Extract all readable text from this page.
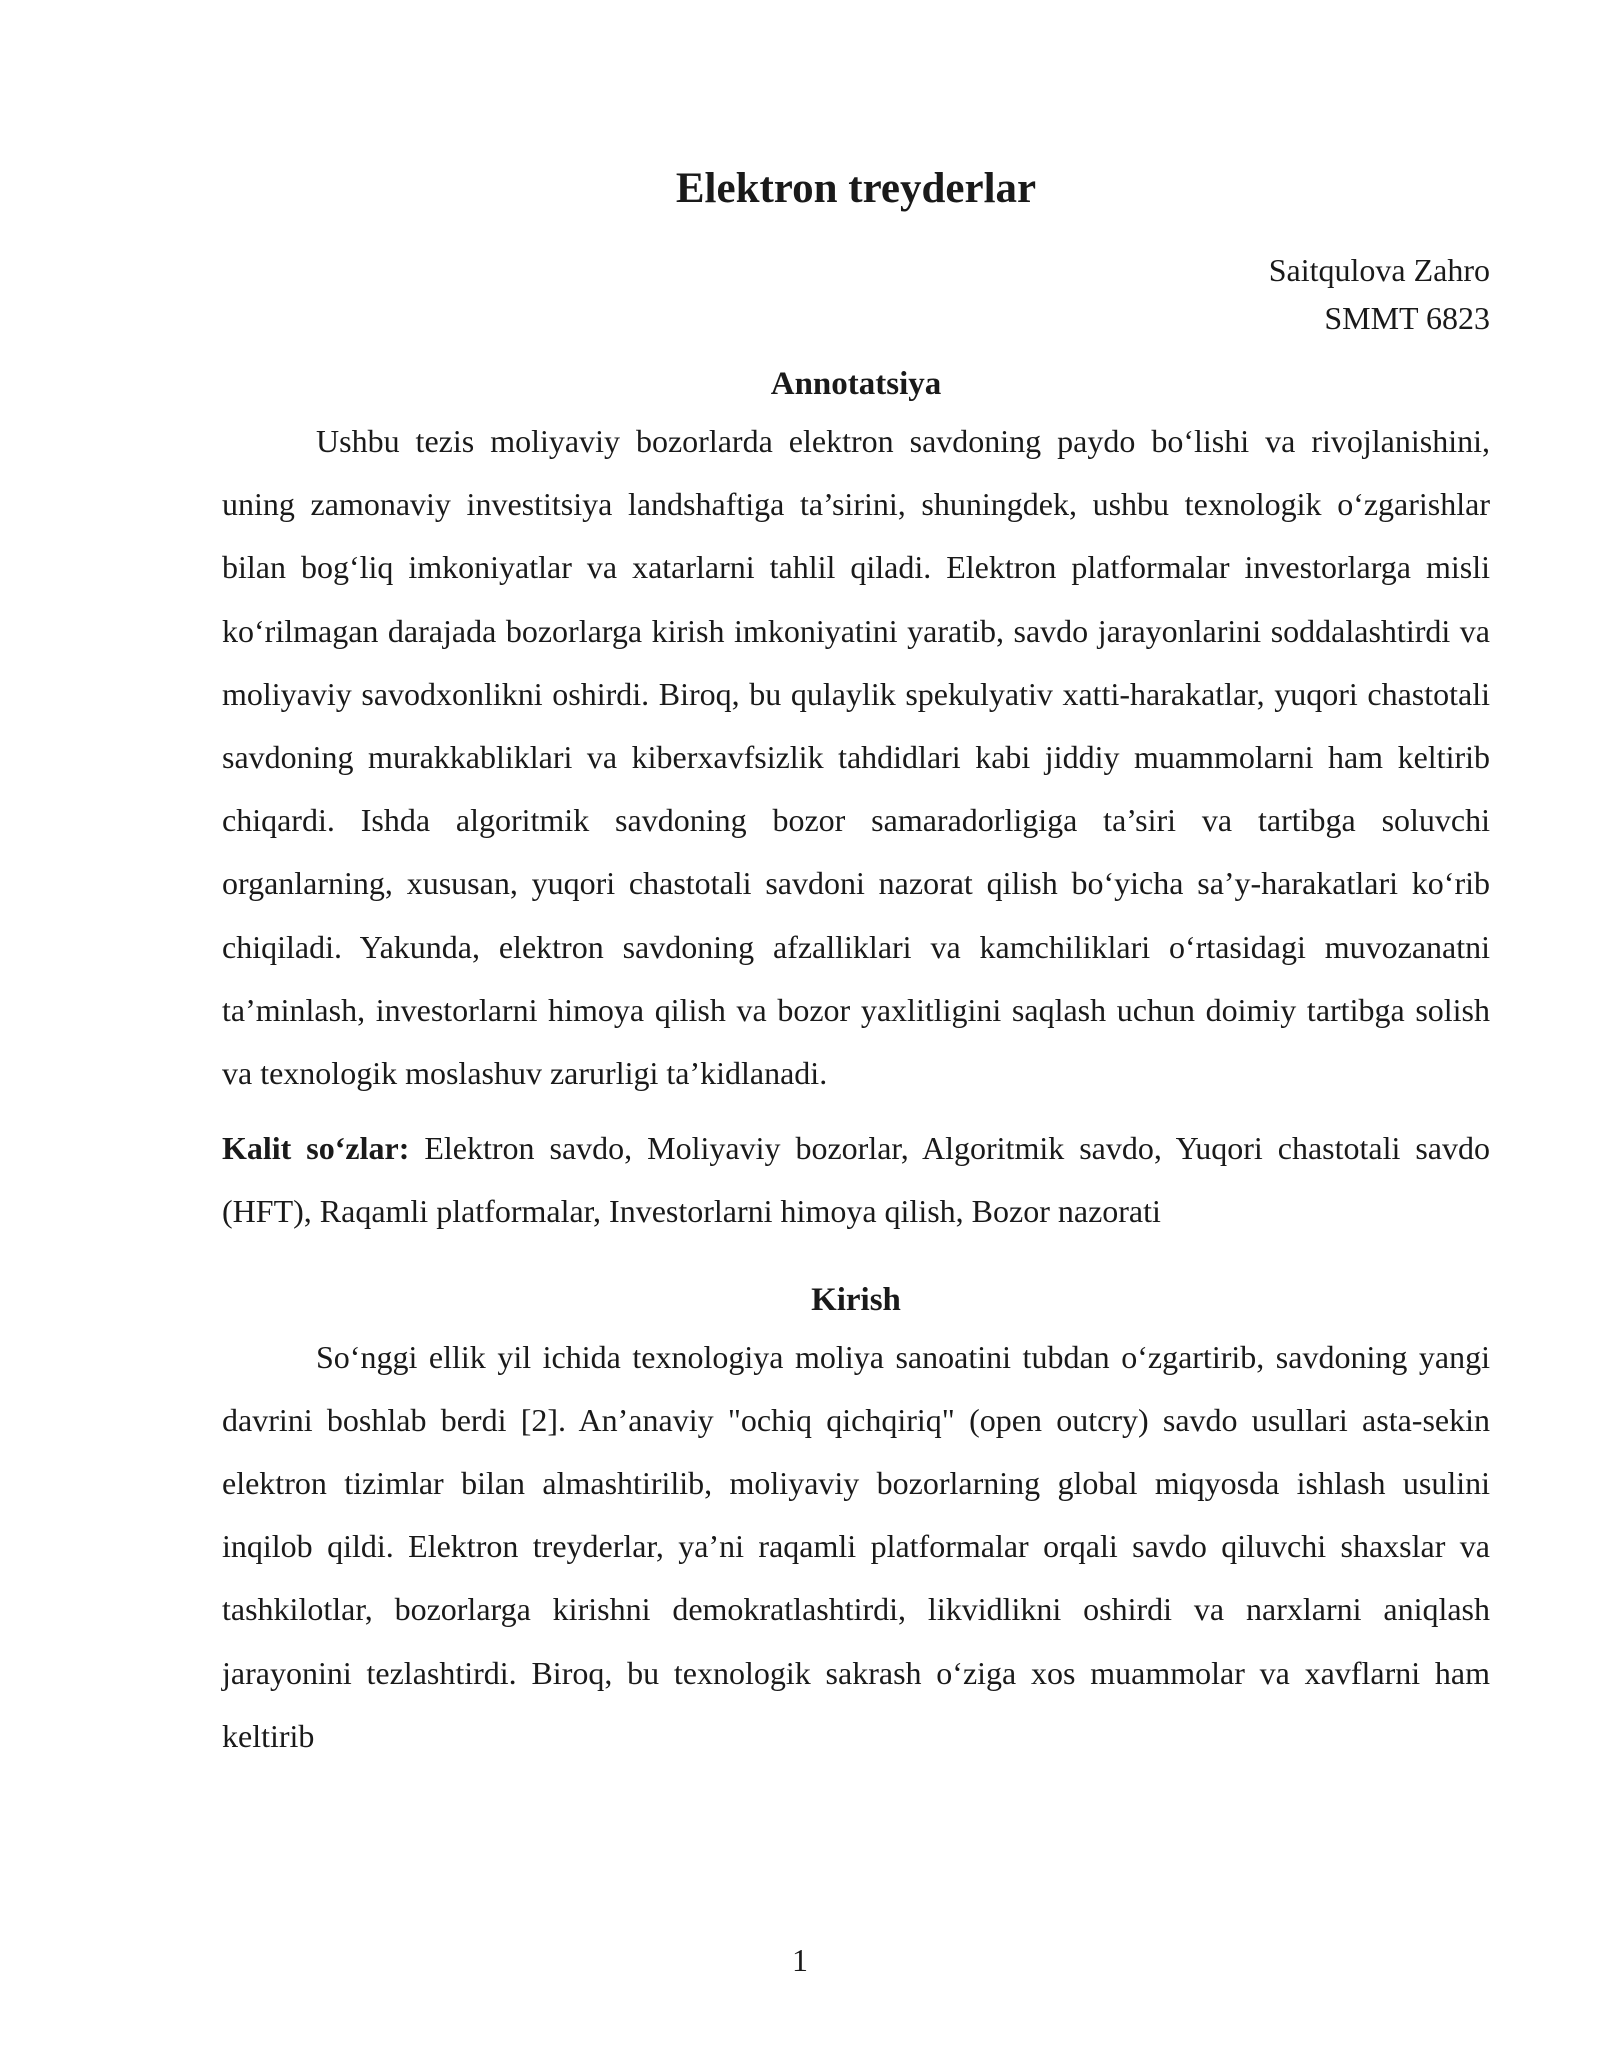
Elektron treyderlar
Saitqulova Zahro
SMMT 6823
Annotatsiya

Ushbu tezis moliyaviy bozorlarda elektron savdoning paydo bo‘lishi va rivojlanishini, uning zamonaviy investitsiya landshaftiga ta’sirini, shuningdek, ushbu texnologik o‘zgarishlar bilan bog‘liq imkoniyatlar va xatarlarni tahlil qiladi. Elektron platformalar investorlarga misli ko‘rilmagan darajada bozorlarga kirish imkoniyatini yaratib, savdo jarayonlarini soddalashtirdi va moliyaviy savodxonlikni oshirdi. Biroq, bu qulaylik spekulyativ xatti-harakatlar, yuqori chastotali savdoning murakkabliklari va kiberxavfsizlik tahdidlari kabi jiddiy muammolarni ham keltirib chiqardi. Ishda algoritmik savdoning bozor samaradorligiga ta’siri va tartibga soluvchi organlarning, xususan, yuqori chastotali savdoni nazorat qilish bo‘yicha sa’y-harakatlari ko‘rib chiqiladi. Yakunda, elektron savdoning afzalliklari va kamchiliklari o‘rtasidagi muvozanatni ta’minlash, investorlarni himoya qilish va bozor yaxlitligini saqlash uchun doimiy tartibga solish va texnologik moslashuv zarurligi ta’kidlanadi.

Kalit so‘zlar: Elektron savdo, Moliyaviy bozorlar, Algoritmik savdo, Yuqori chastotali savdo (HFT), Raqamli platformalar, Investorlarni himoya qilish, Bozor nazorati

Kirish

So‘nggi ellik yil ichida texnologiya moliya sanoatini tubdan o‘zgartirib, savdoning yangi davrini boshlab berdi [2]. An’anaviy "ochiq qichqiriq" (open outcry) savdo usullari asta-sekin elektron tizimlar bilan almashtirilib, moliyaviy bozorlarning global miqyosda ishlash usulini inqilob qildi. Elektron treyderlar, ya’ni raqamli platformalar orqali savdo qiluvchi shaxslar va tashkilotlar, bozorlarga kirishni demokratlashtirdi, likvidlikni oshirdi va narxlarni aniqlash jarayonini tezlashtirdi. Biroq, bu texnologik sakrash o‘ziga xos muammolar va xavflarni ham keltirib

1
